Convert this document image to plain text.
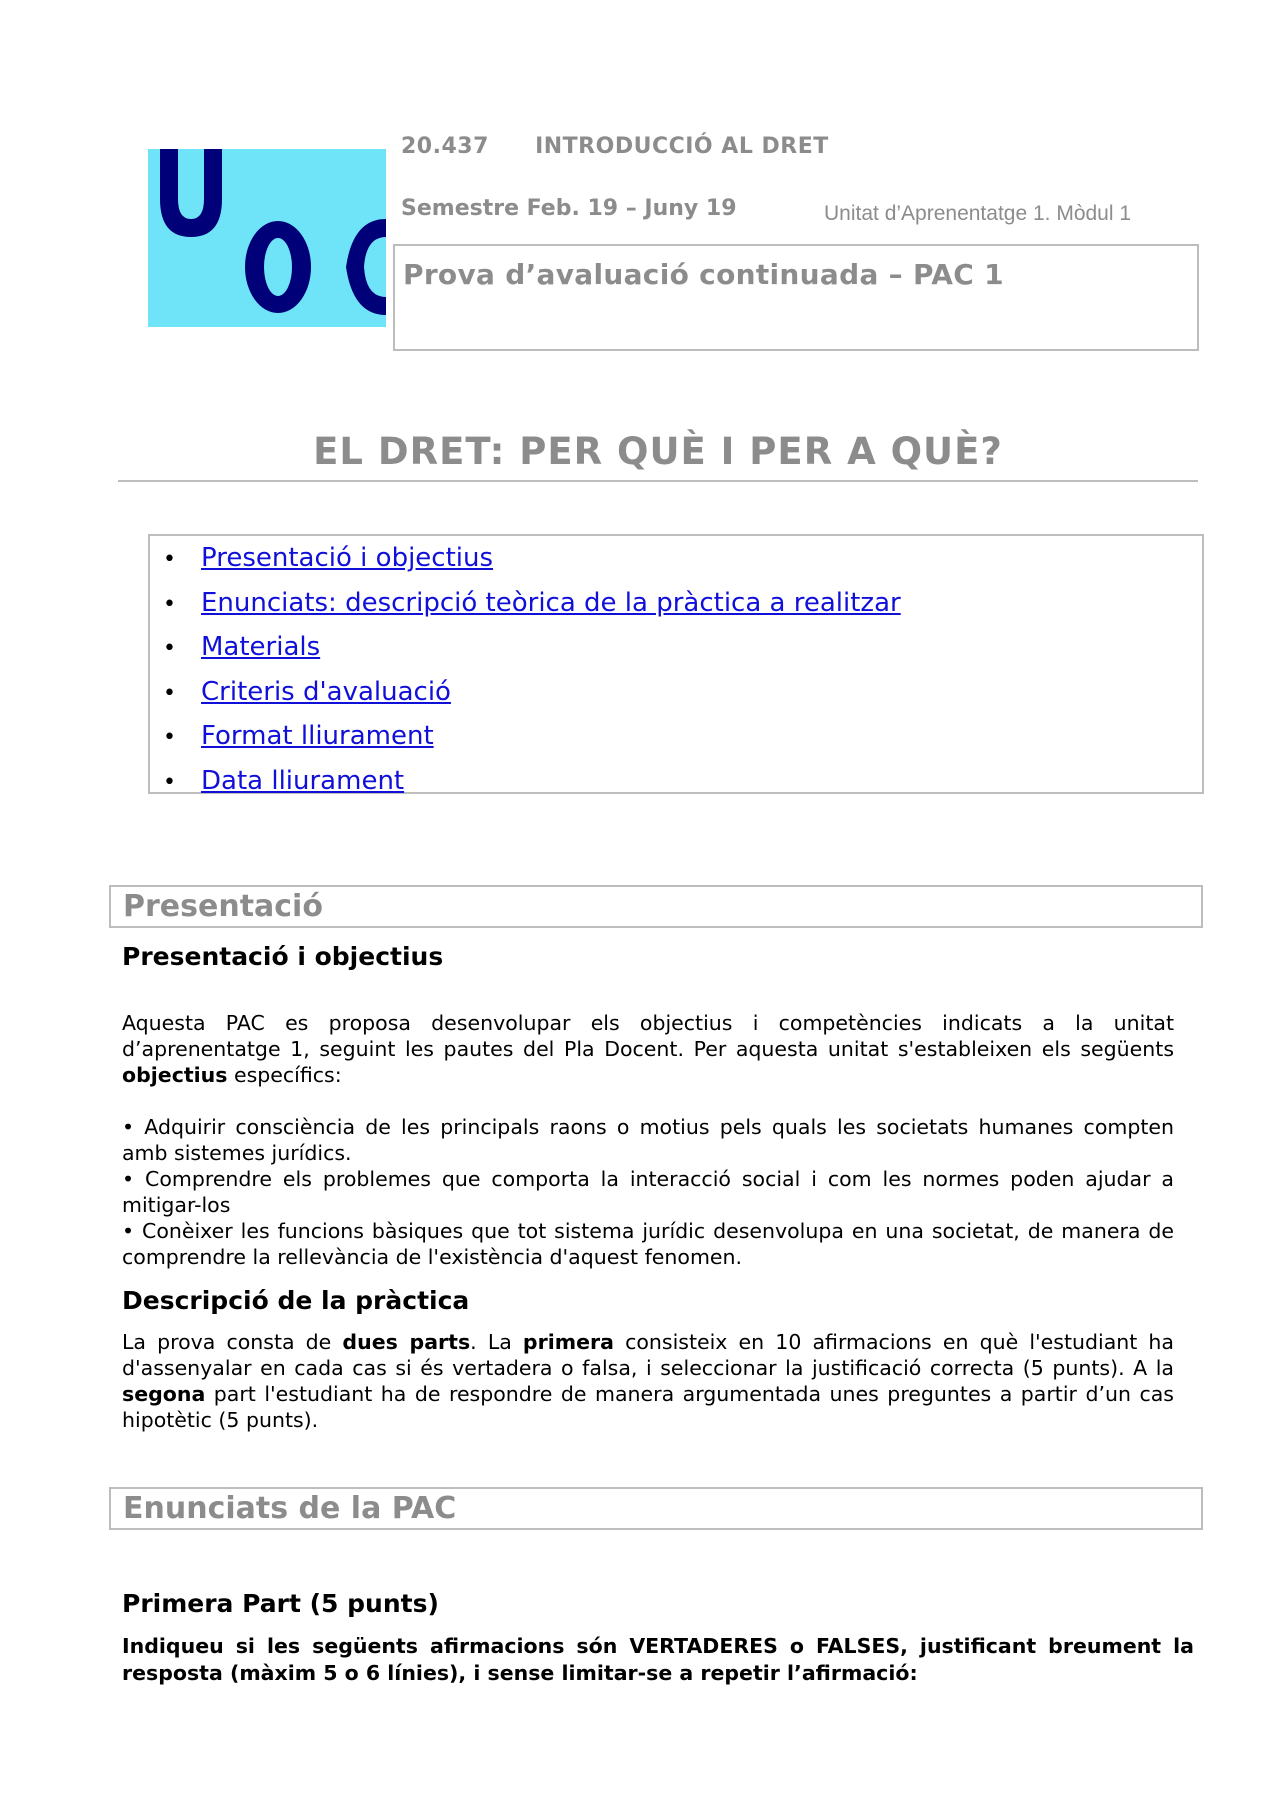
20.437 INTRODUCCIÓ AL DRET
Semestre Feb. 19 – Juny 19	Unitat d’Aprenentatge 1. Mòdul 1
Prova d’avaluació continuada – PAC 1
EL DRET: PER QUÈ I PER A QUÈ?
• Presentació i objectius
• Enunciats: descripció teòrica de la pràctica a realitzar
• Materials
• Criteris d'avaluació
• Format lliurament
• Data lliurament
Presentació
Presentació i objectius
Aquesta PAC es proposa desenvolupar els objectius i competències indicats a la unitat d’aprenentatge 1, seguint les pautes del Pla Docent. Per aquesta unitat s'estableixen els següents objectius específics:
• Adquirir consciència de les principals raons o motius pels quals les societats humanes compten amb sistemes jurídics.
• Comprendre els problemes que comporta la interacció social i com les normes poden ajudar a mitigar-los
• Conèixer les funcions bàsiques que tot sistema jurídic desenvolupa en una societat, de manera de comprendre la rellevància de l'existència d'aquest fenomen.
Descripció de la pràctica
La prova consta de dues parts. La primera consisteix en 10 afirmacions en què l'estudiant ha d'assenyalar en cada cas si és vertadera o falsa, i seleccionar la justificació correcta (5 punts). A la segona part l'estudiant ha de respondre de manera argumentada unes preguntes a partir d’un cas hipotètic (5 punts).
Enunciats de la PAC
Primera Part (5 punts)
Indiqueu si les següents afirmacions són VERTADERES o FALSES, justificant breument la resposta (màxim 5 o 6 línies), i sense limitar-se a repetir l’afirmació:
